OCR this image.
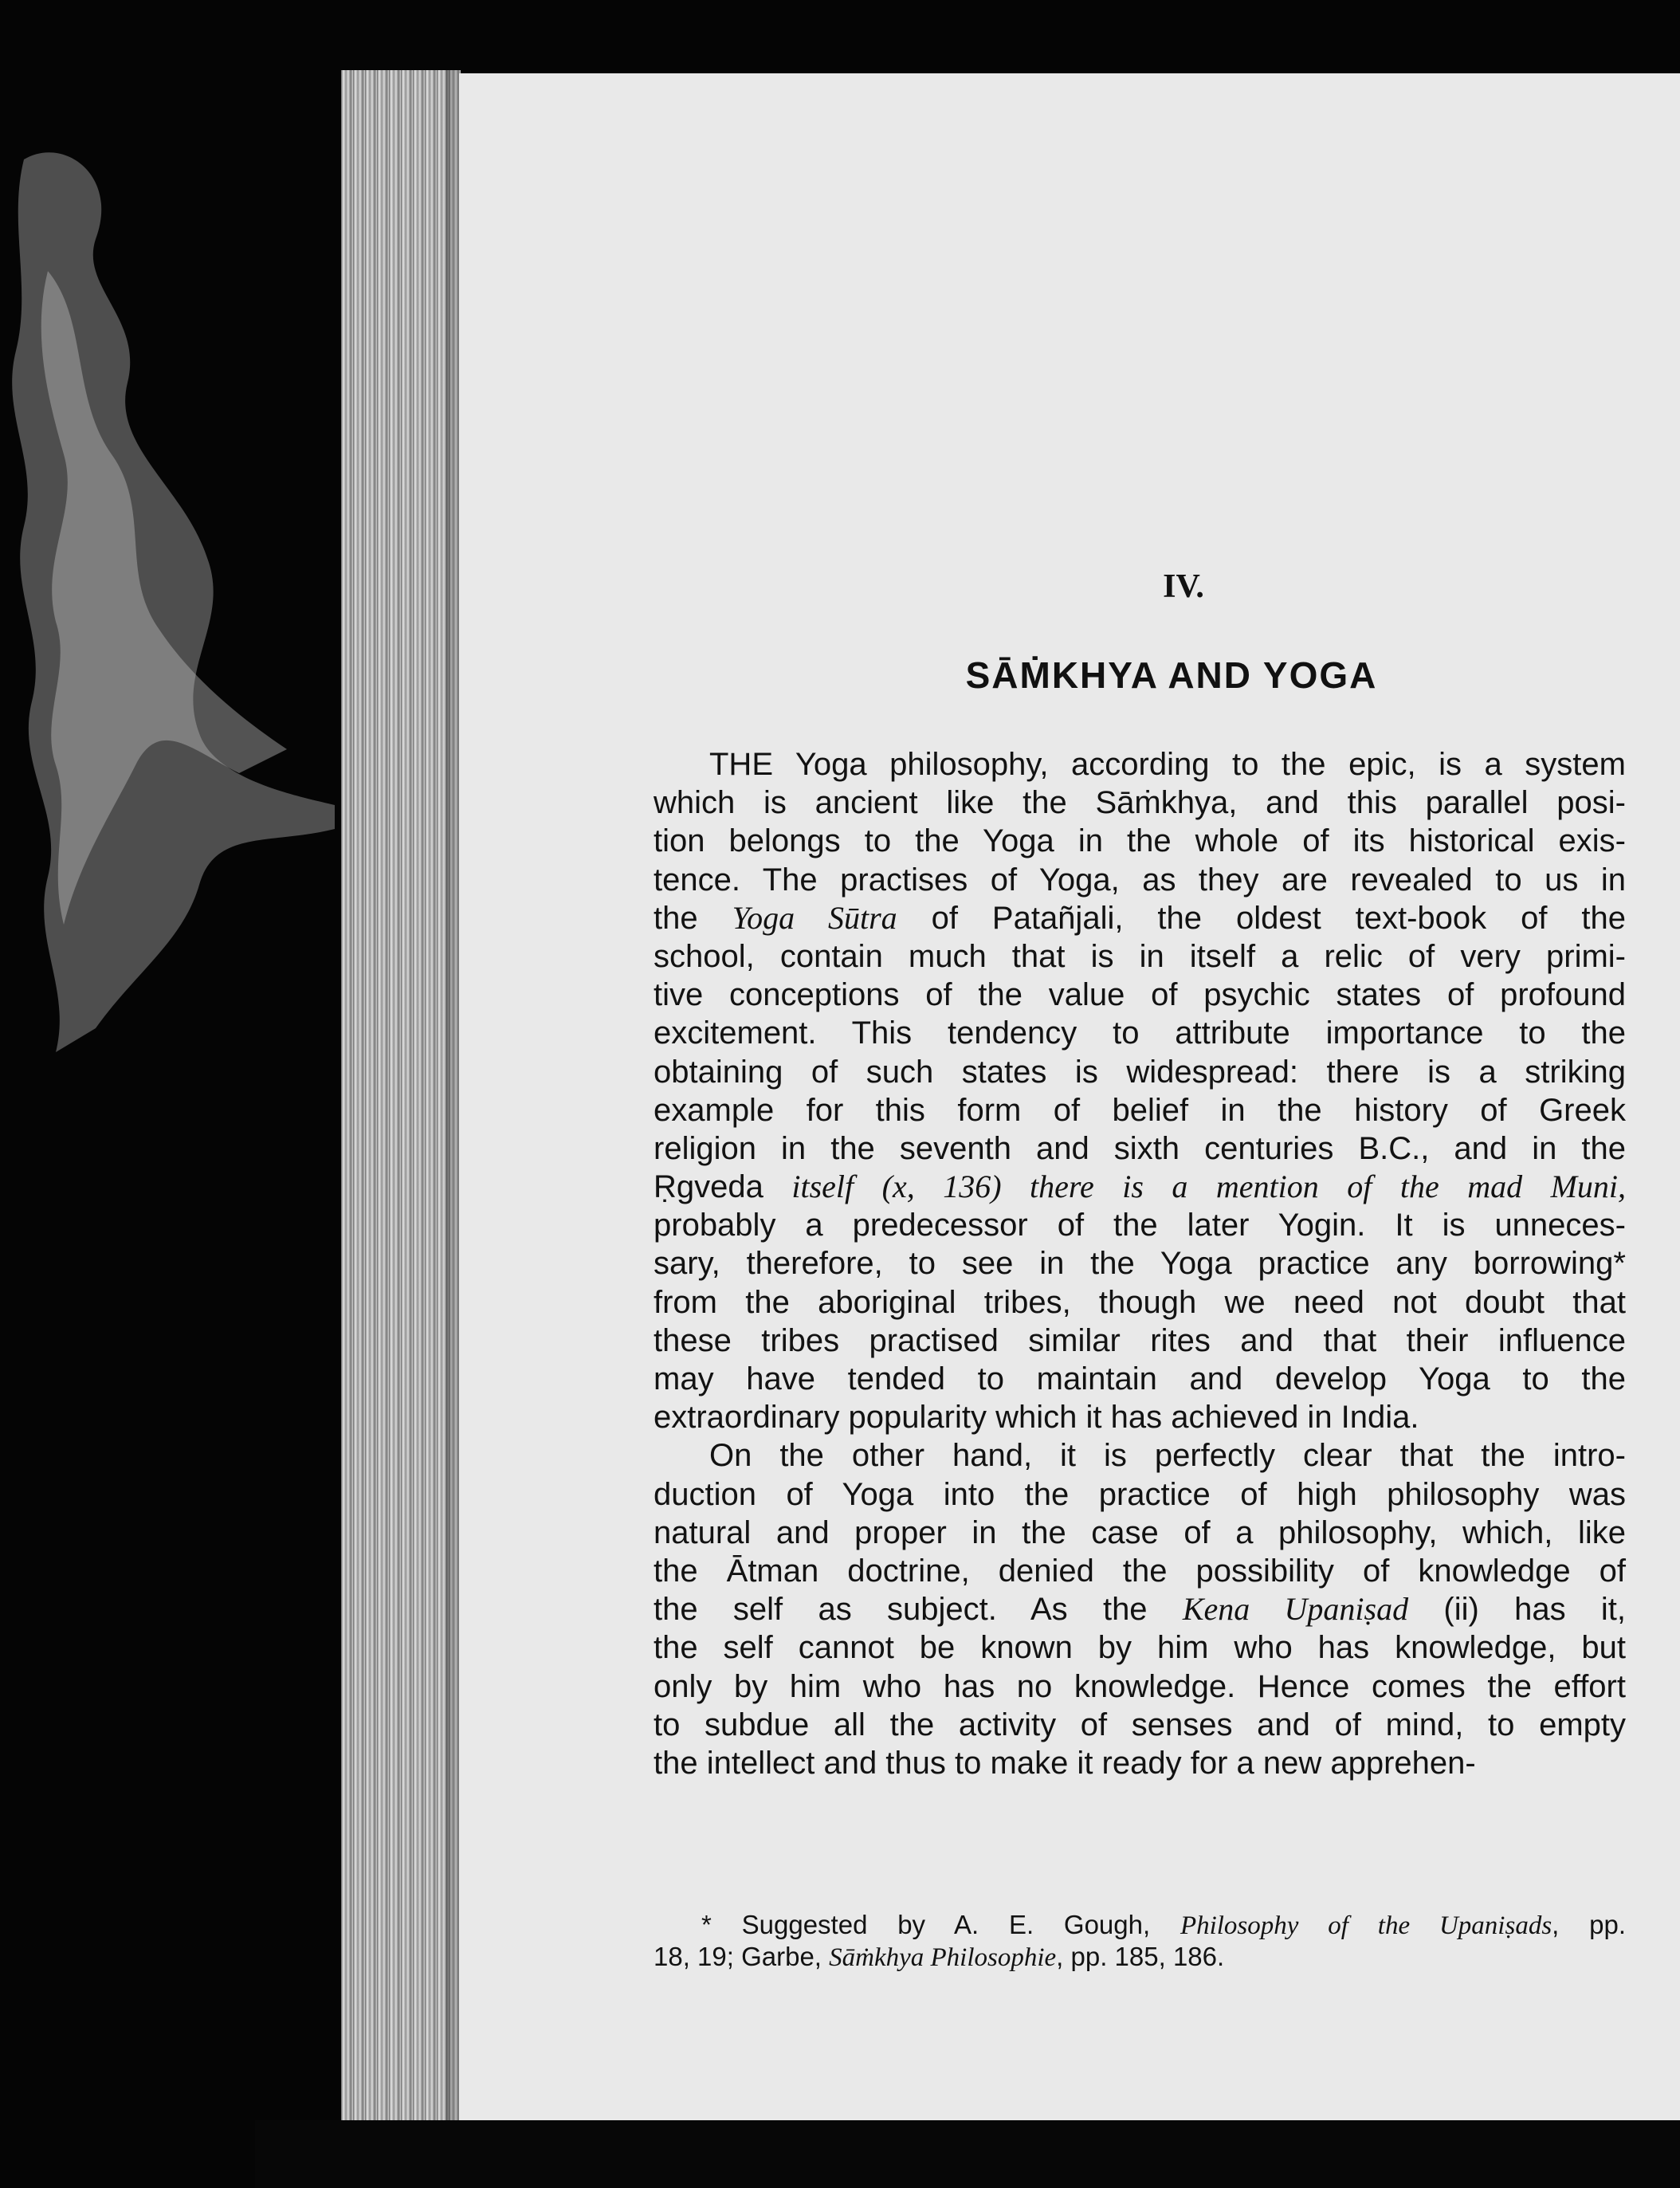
IV.
SĀṀKHYA AND YOGA
THE Yoga philosophy, according to the epic, is a system
which is ancient like the Sāṁkhya, and this parallel posi-
tion belongs to the Yoga in the whole of its historical exis-
tence. The practises of Yoga, as they are revealed to us in
the Yoga Sūtra of Patañjali, the oldest text-book of the
school, contain much that is in itself a relic of very primi-
tive conceptions of the value of psychic states of profound
excitement. This tendency to attribute importance to the
obtaining of such states is widespread: there is a striking
example for this form of belief in the history of Greek
religion in the seventh and sixth centuries B.C., and in the
Ṛgveda itself (x, 136) there is a mention of the mad Muni,
probably a predecessor of the later Yogin. It is unneces-
sary, therefore, to see in the Yoga practice any borrowing*
from the aboriginal tribes, though we need not doubt that
these tribes practised similar rites and that their influence
may have tended to maintain and develop Yoga to the
extraordinary popularity which it has achieved in India.
On the other hand, it is perfectly clear that the intro-
duction of Yoga into the practice of high philosophy was
natural and proper in the case of a philosophy, which, like
the Ātman doctrine, denied the possibility of knowledge of
the self as subject. As the Kena Upaniṣad (ii) has it,
the self cannot be known by him who has knowledge, but
only by him who has no knowledge. Hence comes the effort
to subdue all the activity of senses and of mind, to empty
the intellect and thus to make it ready for a new apprehen-
* Suggested by A. E. Gough, Philosophy of the Upaniṣads, pp.
18, 19; Garbe, Sāṁkhya Philosophie, pp. 185, 186.
